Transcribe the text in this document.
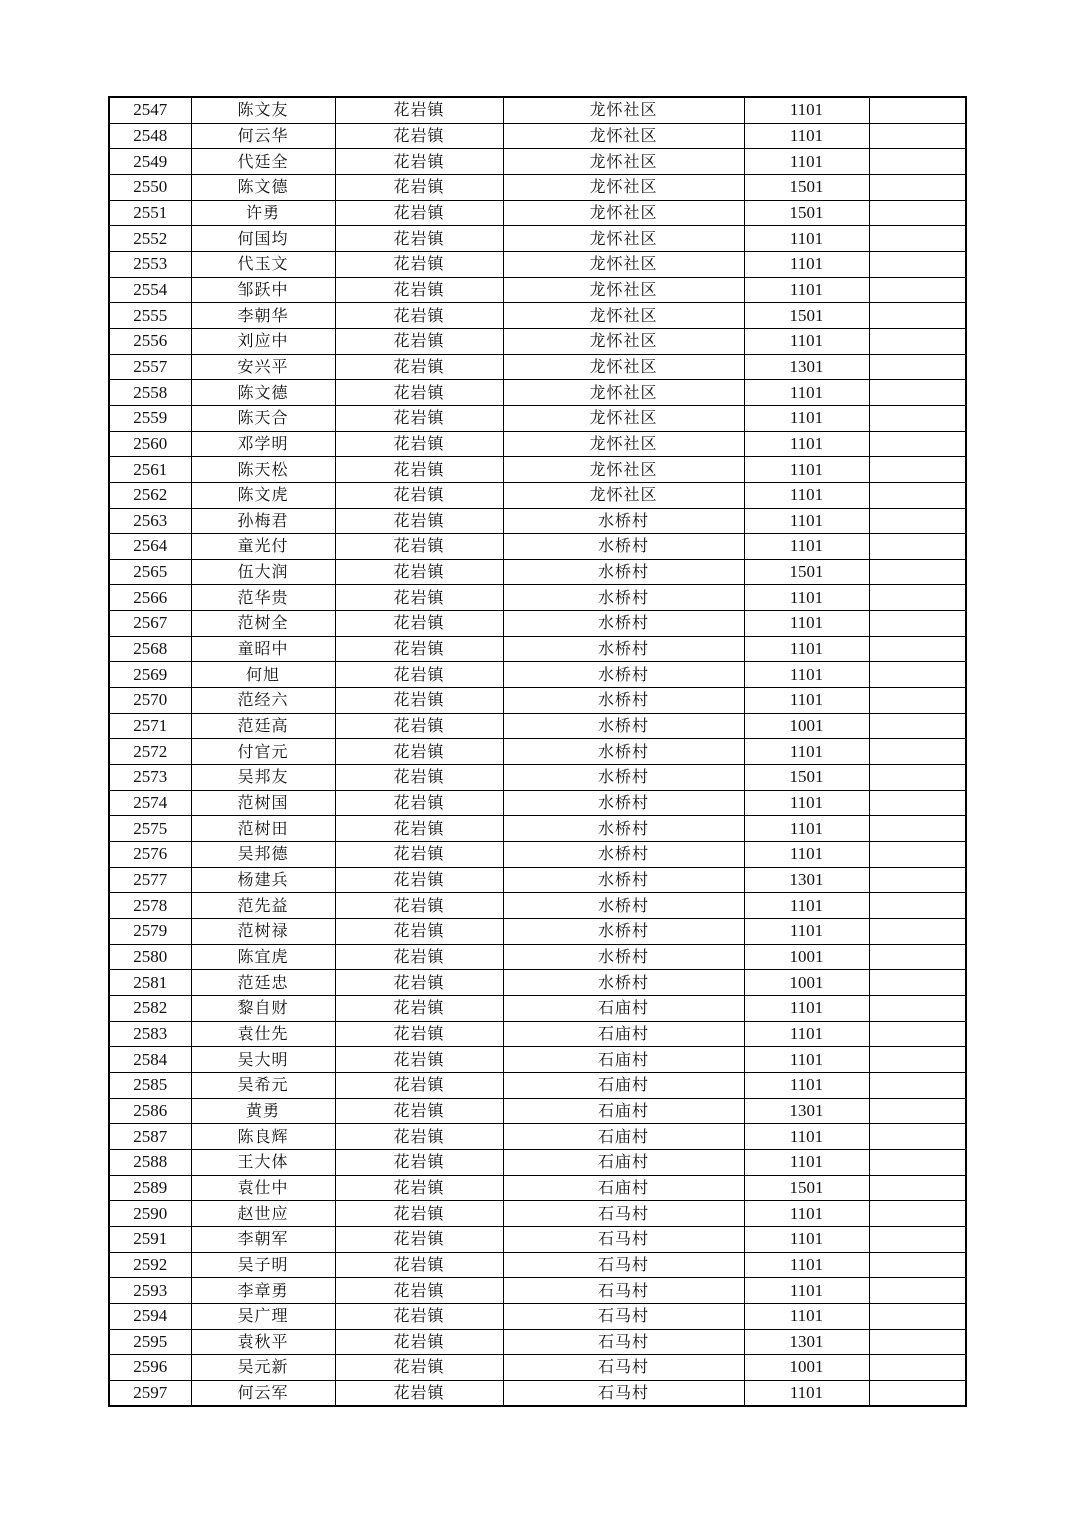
2547	陈文友	花岩镇	龙怀社区	1101	
2548	何云华	花岩镇	龙怀社区	1101	
2549	代廷全	花岩镇	龙怀社区	1101	
2550	陈文德	花岩镇	龙怀社区	1501	
2551	许勇	花岩镇	龙怀社区	1501	
2552	何国均	花岩镇	龙怀社区	1101	
2553	代玉文	花岩镇	龙怀社区	1101	
2554	邹跃中	花岩镇	龙怀社区	1101	
2555	李朝华	花岩镇	龙怀社区	1501	
2556	刘应中	花岩镇	龙怀社区	1101	
2557	安兴平	花岩镇	龙怀社区	1301	
2558	陈文德	花岩镇	龙怀社区	1101	
2559	陈天合	花岩镇	龙怀社区	1101	
2560	邓学明	花岩镇	龙怀社区	1101	
2561	陈天松	花岩镇	龙怀社区	1101	
2562	陈文虎	花岩镇	龙怀社区	1101	
2563	孙梅君	花岩镇	水桥村	1101	
2564	童光付	花岩镇	水桥村	1101	
2565	伍大润	花岩镇	水桥村	1501	
2566	范华贵	花岩镇	水桥村	1101	
2567	范树全	花岩镇	水桥村	1101	
2568	童昭中	花岩镇	水桥村	1101	
2569	何旭	花岩镇	水桥村	1101	
2570	范经六	花岩镇	水桥村	1101	
2571	范廷高	花岩镇	水桥村	1001	
2572	付官元	花岩镇	水桥村	1101	
2573	吴邦友	花岩镇	水桥村	1501	
2574	范树国	花岩镇	水桥村	1101	
2575	范树田	花岩镇	水桥村	1101	
2576	吴邦德	花岩镇	水桥村	1101	
2577	杨建兵	花岩镇	水桥村	1301	
2578	范先益	花岩镇	水桥村	1101	
2579	范树禄	花岩镇	水桥村	1101	
2580	陈宜虎	花岩镇	水桥村	1001	
2581	范廷忠	花岩镇	水桥村	1001	
2582	黎自财	花岩镇	石庙村	1101	
2583	袁仕先	花岩镇	石庙村	1101	
2584	吴大明	花岩镇	石庙村	1101	
2585	吴希元	花岩镇	石庙村	1101	
2586	黄勇	花岩镇	石庙村	1301	
2587	陈良辉	花岩镇	石庙村	1101	
2588	王大体	花岩镇	石庙村	1101	
2589	袁仕中	花岩镇	石庙村	1501	
2590	赵世应	花岩镇	石马村	1101	
2591	李朝军	花岩镇	石马村	1101	
2592	吴子明	花岩镇	石马村	1101	
2593	李章勇	花岩镇	石马村	1101	
2594	吴广理	花岩镇	石马村	1101	
2595	袁秋平	花岩镇	石马村	1301	
2596	吴元新	花岩镇	石马村	1001	
2597	何云军	花岩镇	石马村	1101	
